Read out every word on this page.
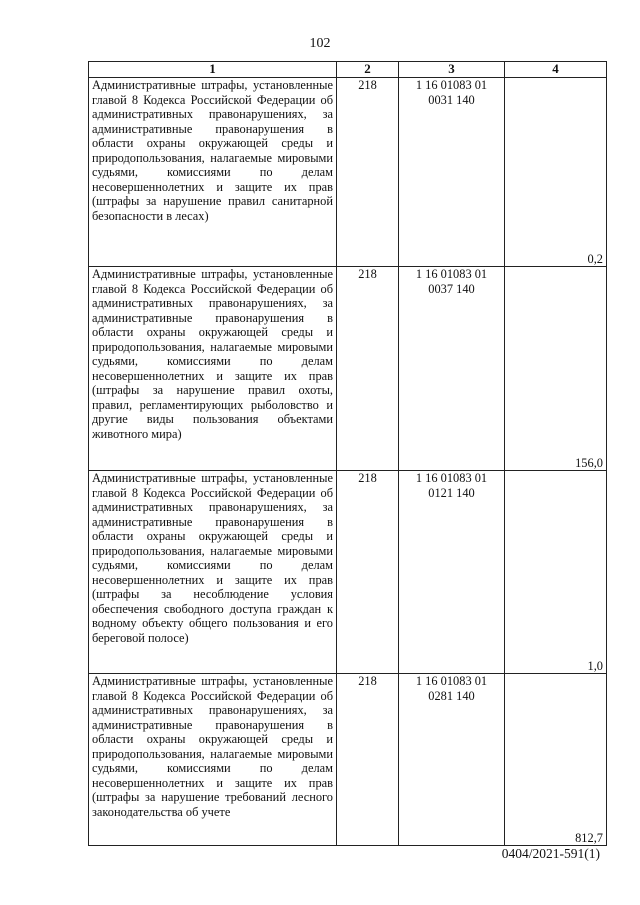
102
1	2	3	4
Административные штрафы, установленные главой 8 Кодекса Российской Федерации об административных правонарушениях, за административные правонарушения в области охраны окружающей среды и природопользования, налагаемые мировыми судьями, комиссиями по делам несовершеннолетних и защите их прав (штрафы за нарушение правил санитарной безопасности в лесах)	218	1 16 01083 01
0031 140	0,2
Административные штрафы, установленные главой 8 Кодекса Российской Федерации об административных правонарушениях, за административные правонарушения в области охраны окружающей среды и природопользования, налагаемые мировыми судьями, комиссиями по делам несовершеннолетних и защите их прав (штрафы за нарушение правил охоты, правил, регламентирующих рыболовство и другие виды пользования объектами животного мира)	218	1 16 01083 01
0037 140	156,0
Административные штрафы, установленные главой 8 Кодекса Российской Федерации об административных правонарушениях, за административные правонарушения в области охраны окружающей среды и природопользования, налагаемые мировыми судьями, комиссиями по делам несовершеннолетних и защите их прав (штрафы за несоблюдение условия обеспечения свободного доступа граждан к водному объекту общего пользования и его береговой полосе)	218	1 16 01083 01
0121 140	1,0
Административные штрафы, установленные главой 8 Кодекса Российской Федерации об административных правонарушениях, за административные правонарушения в области охраны окружающей среды и природопользования, налагаемые мировыми судьями, комиссиями по делам несовершеннолетних и защите их прав (штрафы за нарушение требований лесного законодательства об учете	218	1 16 01083 01
0281 140	812,7
0404/2021-591(1)
